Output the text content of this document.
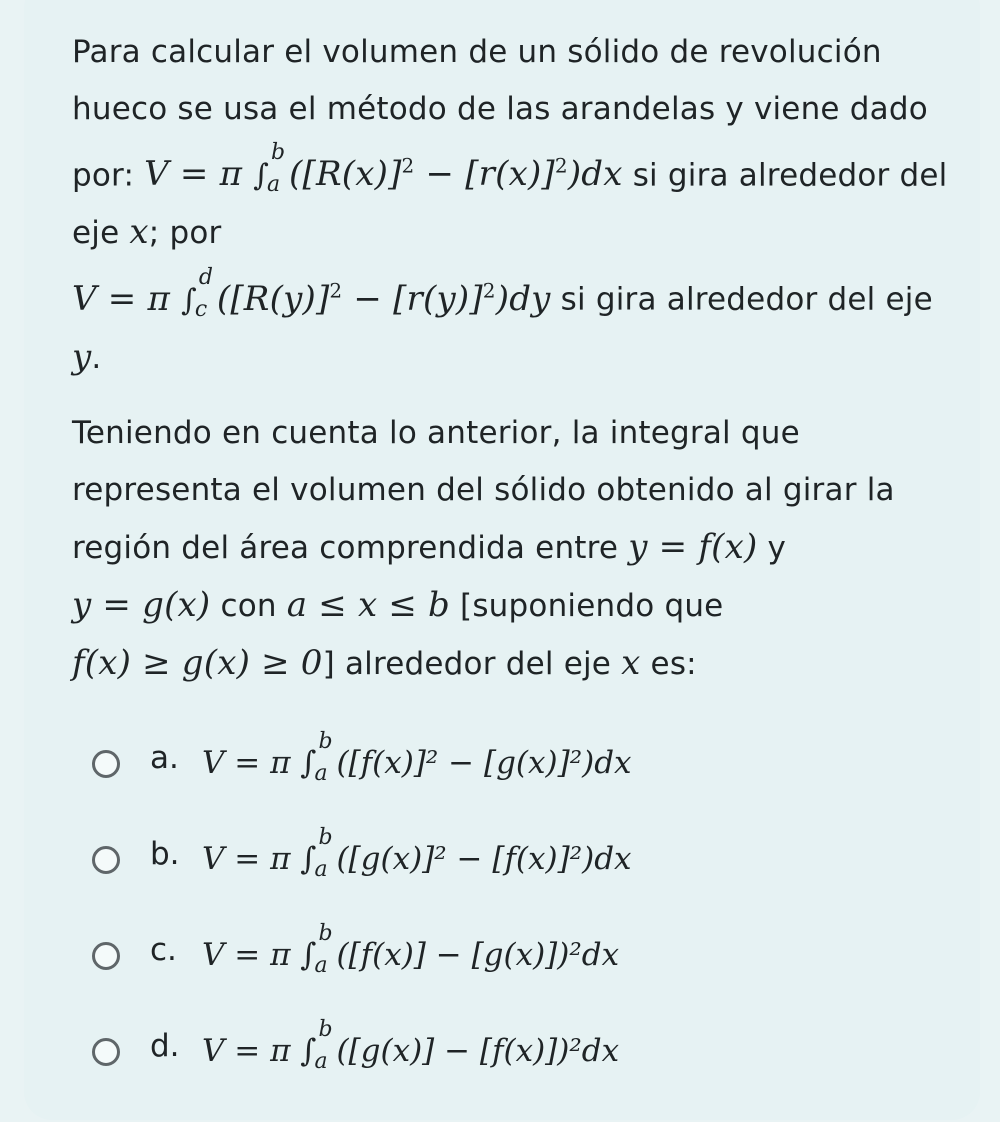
Para calcular el volumen de un sólido de revolución hueco se usa el método de las arandelas y viene dado por: V = π ∫
b
a $([R(x)]^2 - [r(x)]^2)dx$ si gira alrededor del eje x; por
V = π ∫
d
c $([R(y)]^2 - [r(y)]^2)dy$ si gira alrededor del eje y.

Teniendo en cuenta lo anterior, la integral que representa el volumen del sólido obtenido al girar la región del área comprendida entre y = f(x) y
y = g(x) con a ≤ x ≤ b [suponiendo que
f(x) ≥ g(x) ≥ 0] alrededor del eje x es:

a. V = π ∫
b
a ([f(x)]² − [g(x)]²)dx
b. V = π ∫
b
a ([g(x)]² − [f(x)]²)dx
c. V = π ∫
b
a ([f(x)] − [g(x)])²dx
d. V = π ∫
b
a ([g(x)] − [f(x)])²dx
